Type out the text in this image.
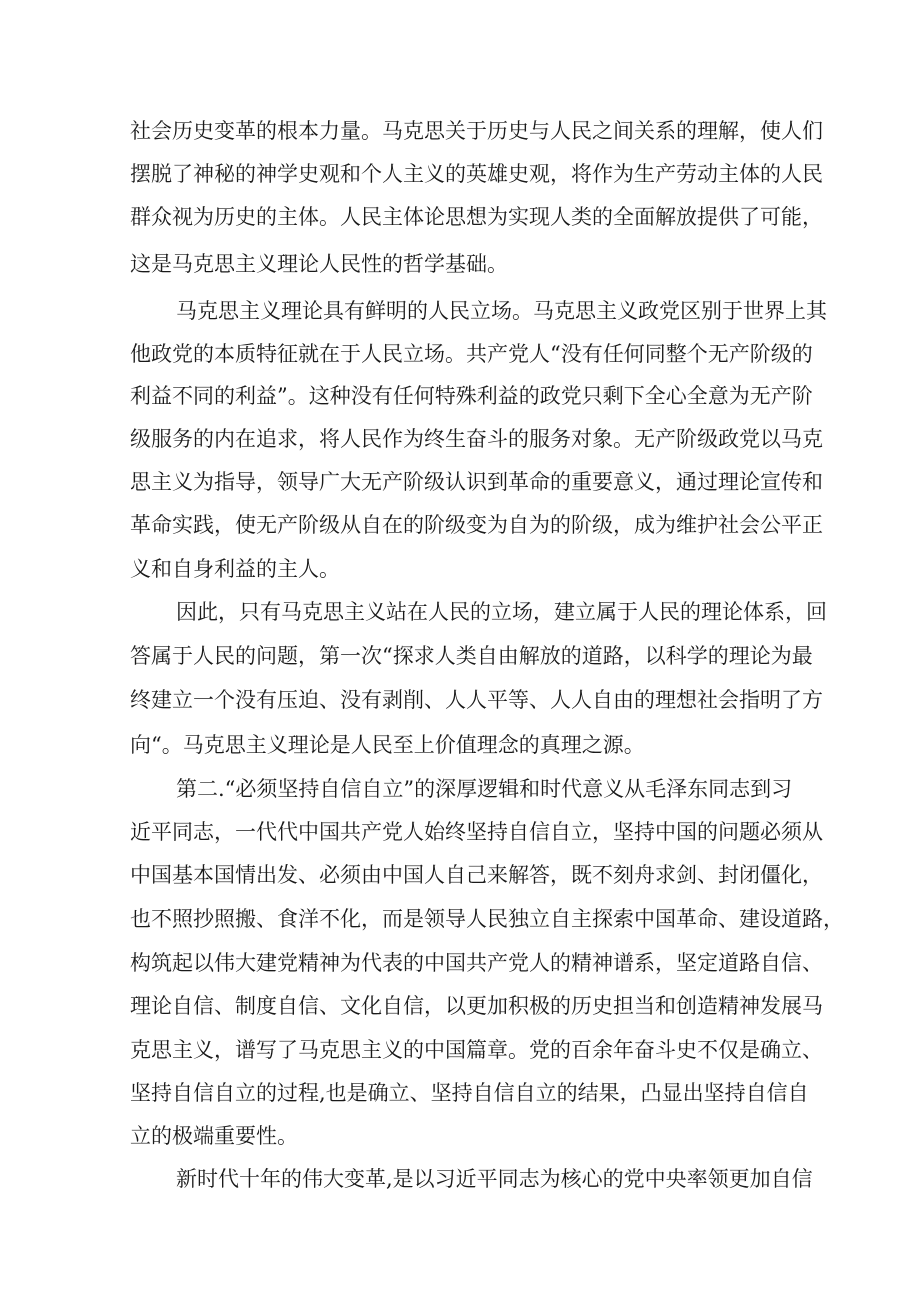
社会历史变革的根本力量。马克思关于历史与人民之间关系的理解，使人们
摆脱了神秘的神学史观和个人主义的英雄史观，将作为生产劳动主体的人民
群众视为历史的主体。人民主体论思想为实现人类的全面解放提供了可能，
这是马克思主义理论人民性的哲学基础。
马克思主义理论具有鲜明的人民立场。马克思主义政党区别于世界上其
他政党的本质特征就在于人民立场。共产党人“没有任何同整个无产阶级的
利益不同的利益”。这种没有任何特殊利益的政党只剩下全心全意为无产阶
级服务的内在追求，将人民作为终生奋斗的服务对象。无产阶级政党以马克
思主义为指导，领导广大无产阶级认识到革命的重要意义，通过理论宣传和
革命实践，使无产阶级从自在的阶级变为自为的阶级，成为维护社会公平正
义和自身利益的主人。
因此，只有马克思主义站在人民的立场，建立属于人民的理论体系，回
答属于人民的问题，第一次“探求人类自由解放的道路，以科学的理论为最
终建立一个没有压迫、没有剥削、人人平等、人人自由的理想社会指明了方
向“。马克思主义理论是人民至上价值理念的真理之源。
第二.“必须坚持自信自立”的深厚逻辑和时代意义从毛泽东同志到习
近平同志，一代代中国共产党人始终坚持自信自立，坚持中国的问题必须从
中国基本国情出发、必须由中国人自己来解答，既不刻舟求剑、封闭僵化，
也不照抄照搬、食洋不化，而是领导人民独立自主探索中国革命、建设道路，
构筑起以伟大建党精神为代表的中国共产党人的精神谱系，坚定道路自信、
理论自信、制度自信、文化自信，以更加积极的历史担当和创造精神发展马
克思主义，谱写了马克思主义的中国篇章。党的百余年奋斗史不仅是确立、
坚持自信自立的过程,也是确立、坚持自信自立的结果，凸显出坚持自信自
立的极端重要性。
新时代十年的伟大变革,是以习近平同志为核心的党中央率领更加自信
